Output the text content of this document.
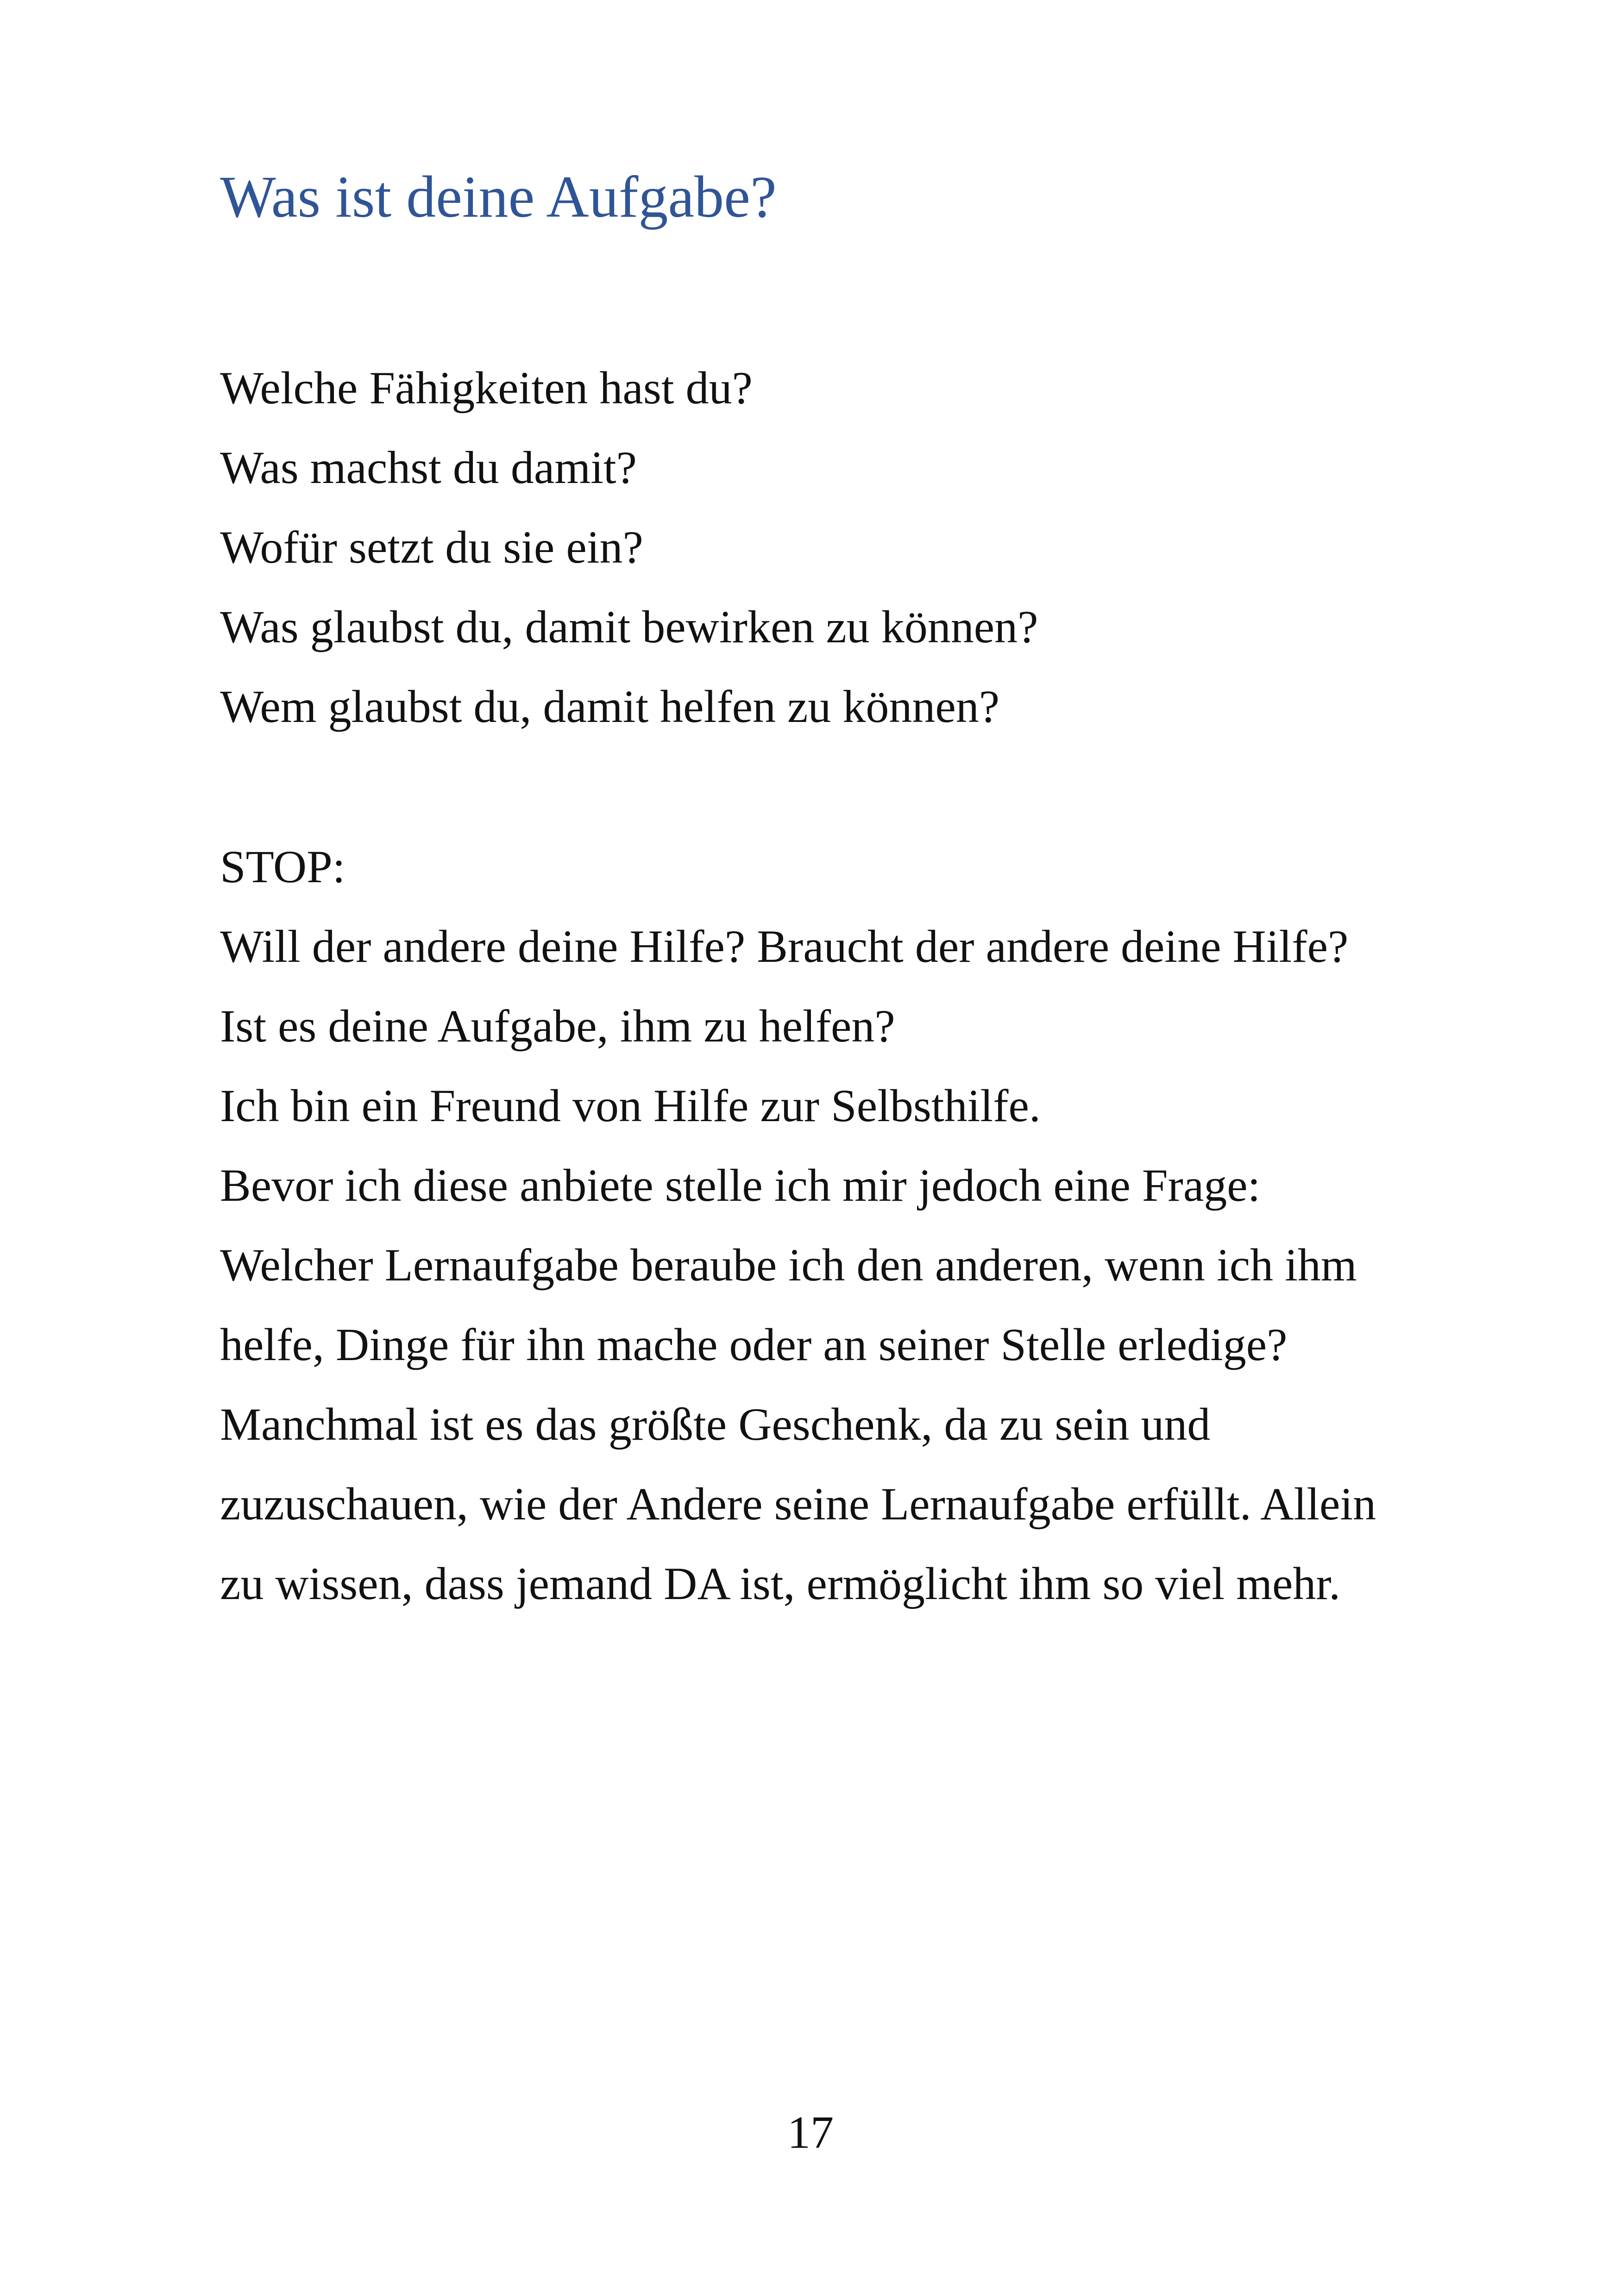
Was ist deine Aufgabe?
Welche Fähigkeiten hast du?
Was machst du damit?
Wofür setzt du sie ein?
Was glaubst du, damit bewirken zu können?
Wem glaubst du, damit helfen zu können?
STOP:
Will der andere deine Hilfe? Braucht der andere deine Hilfe?
Ist es deine Aufgabe, ihm zu helfen?
Ich bin ein Freund von Hilfe zur Selbsthilfe.
Bevor ich diese anbiete stelle ich mir jedoch eine Frage:
Welcher Lernaufgabe beraube ich den anderen, wenn ich ihm
helfe, Dinge für ihn mache oder an seiner Stelle erledige?
Manchmal ist es das größte Geschenk, da zu sein und
zuzuschauen, wie der Andere seine Lernaufgabe erfüllt. Allein
zu wissen, dass jemand DA ist, ermöglicht ihm so viel mehr.
17
